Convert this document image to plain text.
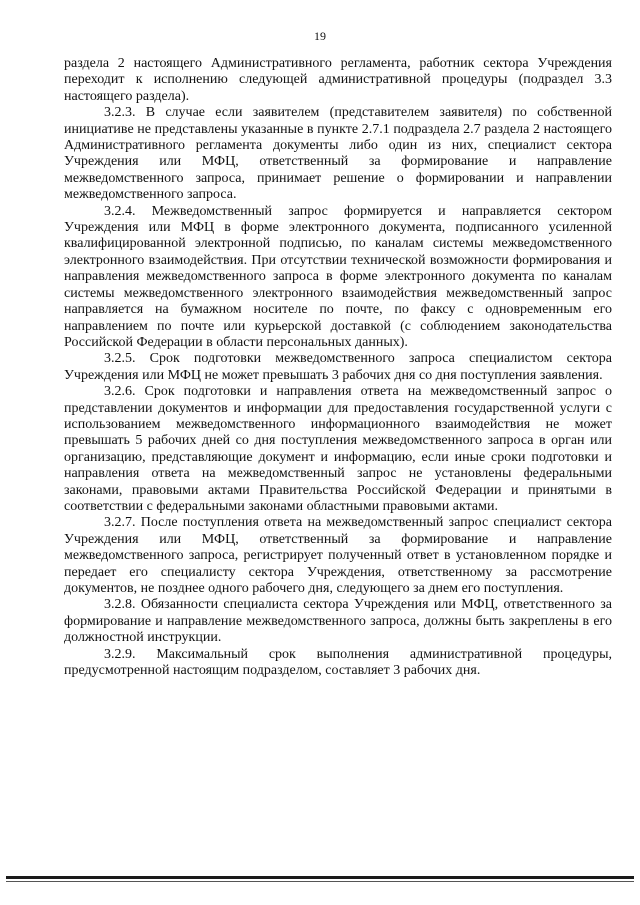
19

раздела 2 настоящего Административного регламента, работник сектора Учреждения переходит к исполнению следующей административной процедуры (подраздел 3.3 настоящего раздела).

3.2.3. В случае если заявителем (представителем заявителя) по собственной инициативе не представлены указанные в пункте 2.7.1 подраздела 2.7 раздела 2 настоящего Административного регламента документы либо один из них, специалист сектора Учреждения или МФЦ, ответственный за формирование и направление межведомственного запроса, принимает решение о формировании и направлении межведомственного запроса.

3.2.4. Межведомственный запрос формируется и направляется сектором Учреждения или МФЦ в форме электронного документа, подписанного усиленной квалифицированной электронной подписью, по каналам системы межведомственного электронного взаимодействия. При отсутствии технической возможности формирования и направления межведомственного запроса в форме электронного документа по каналам системы межведомственного электронного взаимодействия межведомственный запрос направляется на бумажном носителе по почте, по факсу с одновременным его направлением по почте или курьерской доставкой (с соблюдением законодательства Российской Федерации в области персональных данных).

3.2.5. Срок подготовки межведомственного запроса специалистом сектора Учреждения или МФЦ не может превышать 3 рабочих дня со дня поступления заявления.

3.2.6. Срок подготовки и направления ответа на межведомственный запрос о представлении документов и информации для предоставления государственной услуги с использованием межведомственного информационного взаимодействия не может превышать 5 рабочих дней со дня поступления межведомственного запроса в орган или организацию, представляющие документ и информацию, если иные сроки подготовки и направления ответа на межведомственный запрос не установлены федеральными законами, правовыми актами Правительства Российской Федерации и принятыми в соответствии с федеральными законами областными правовыми актами.

3.2.7. После поступления ответа на межведомственный запрос специалист сектора Учреждения или МФЦ, ответственный за формирование и направление межведомственного запроса, регистрирует полученный ответ в установленном порядке и передает его специалисту сектора Учреждения, ответственному за рассмотрение документов, не позднее одного рабочего дня, следующего за днем его поступления.

3.2.8. Обязанности специалиста сектора Учреждения или МФЦ, ответственного за формирование и направление межведомственного запроса, должны быть закреплены в его должностной инструкции.

3.2.9. Максимальный срок выполнения административной процедуры, предусмотренной настоящим подразделом, составляет 3 рабочих дня.
